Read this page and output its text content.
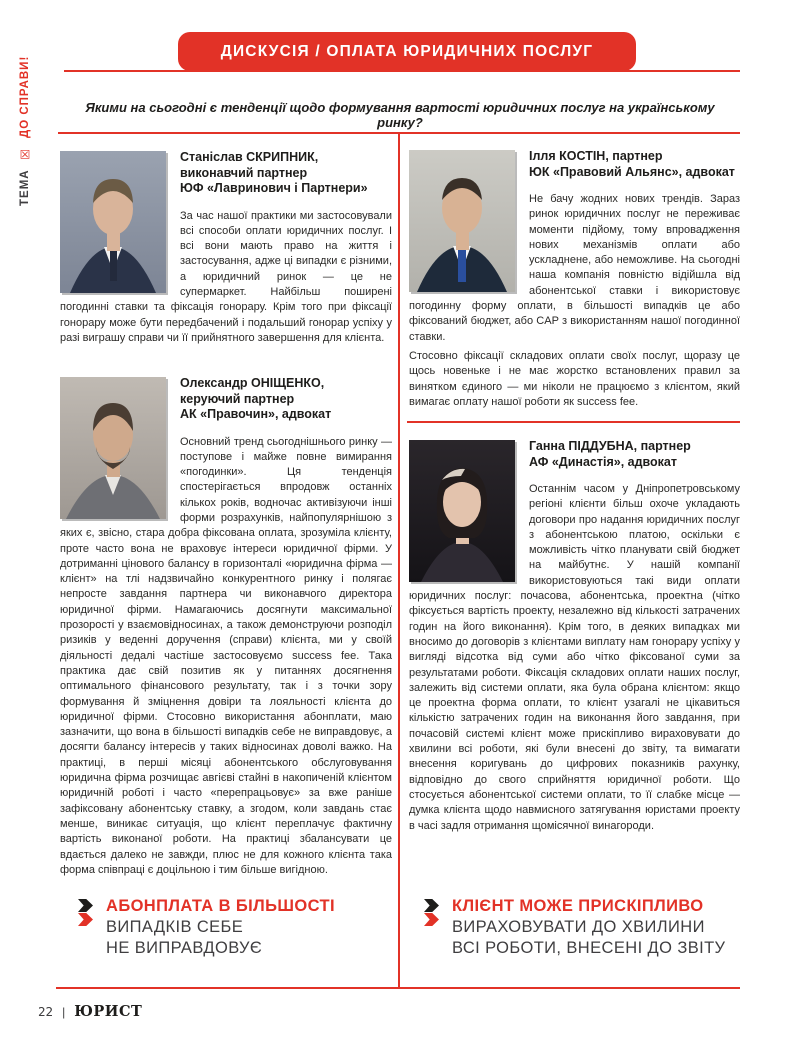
ТЕМА
☒
ДО СПРАВИ!
ДИСКУСІЯ / ОПЛАТА ЮРИДИЧНИХ ПОСЛУГ
Якими на сьогодні є тенденції щодо формування вартості юридичних послуг на українському ринку?
Станіслав СКРИПНИК,
виконавчий партнер
ЮФ «Лавринович і Партнери»

За час нашої практики ми застосовували всі способи оплати юридичних послуг. І всі вони мають право на життя і застосування, адже ці випадки є різними, а юридичний ринок — це не супермаркет. Найбільш поширені погодинні ставки та фіксація гонорару. Крім того при фіксації гонорару може бути передбачений і подальший гонорар успіху у разі виграшу справи чи її прийнятного завершення для клієнта.

Олександр ОНІЩЕНКО,
керуючий партнер
АК «Правочин», адвокат

Основний тренд сьогоднішнього ринку — поступове і майже повне вимирання «погодинки». Ця тенденція спостерігається впродовж останніх кількох років, водночас активізуючи інші форми розрахунків, найпопулярнішою з яких є, звісно, стара добра фіксована оплата, зрозуміла клієнту, проте часто вона не враховує інтереси юридичної фірми. У дотриманні цінового балансу в горизонталі «юридична фірма — клієнт» на тлі надзвичайно конкурентного ринку і полягає непросте завдання партнера чи виконавчого директора юридичної фірми. Намагаючись досягнути максимальної прозорості у взаємовідносинах, а також демонструючи розподіл ризиків у веденні доручення (справи) клієнта, ми у своїй діяльності дедалі частіше застосовуємо success fee. Така практика дає свій позитив як у питаннях досягнення оптимального фінансового результату, так і з точки зору формування й зміцнення довіри та лояльності клієнта до юридичної фірми. Стосовно використання абонплати, маю зазначити, що вона в більшості випадків себе не виправдовує, а досягти балансу інтересів у таких відносинах доволі важко. На практиці, в перші місяці абонентського обслуговування юридична фірма розчищає авгієві стайні в накопиченій клієнтом юридичній роботі і часто «перепрацьовує» за вже раніше зафіксовану абонентську ставку, а згодом, коли завдань стає менше, виникає ситуація, що клієнт переплачує фактичну вартість виконаної роботи. На практиці збалансувати це вдається далеко не завжди, плюс не для кожного клієнта така форма співпраці є доцільною і тим більше вигідною.

Ілля КОСТІН, партнер
ЮК «Правовий Альянс», адвокат

Не бачу жодних нових трендів. Зараз ринок юридичних послуг не переживає моменти підйому, тому впровадження нових механізмів оплати або ускладнене, або неможливе. На сьогодні наша компанія повністю відійшла від абонентської ставки і використовує погодинну форму оплати, в більшості випадків це або фіксований бюджет, або CAP з використанням нашої погодинної ставки.

Стосовно фіксації складових оплати своїх послуг, щоразу це щось новеньке і не має жорстко встановлених правил за винятком єдиного — ми ніколи не працюємо з клієнтом, який вимагає оплату нашої роботи як success fee.

Ганна ПІДДУБНА, партнер
АФ «Династія», адвокат

Останнім часом у Дніпропетровському регіоні клієнти більш охоче укладають договори про надання юридичних послуг з абонентською платою, оскільки є можливість чітко планувати свій бюджет на майбутнє. У нашій компанії використовуються такі види оплати юридичних послуг: почасова, абонентська, проектна (чітко фіксується вартість проекту, незалежно від кількості затрачених годин на його виконання). Крім того, в деяких випадках ми вносимо до договорів з клієнтами виплату нам гонорару успіху у вигляді відсотка від суми або чітко фіксованої суми за результатами роботи. Фіксація складових оплати наших послуг, залежить від системи оплати, яка була обрана клієнтом: якщо це проектна форма оплати, то клієнт узагалі не цікавиться кількістю затрачених годин на виконання його завдання, при почасовій системі клієнт може прискіпливо вираховувати до хвилини всі роботи, які були внесені до звіту, та вимагати внесення коригувань до цифрових показників рахунку, відповідно до свого сприйняття юридичної роботи. Що стосується абонентської системи оплати, то її слабке місце — думка клієнта щодо навмисного затягування юристами проекту в часі задля отримання щомісячної винагороди.

АБОНПЛАТА В БІЛЬШОСТІ
ВИПАДКІВ СЕБЕ
НЕ ВИПРАВДОВУЄ
КЛІЄНТ МОЖЕ ПРИСКІПЛИВО
ВИРАХОВУВАТИ ДО ХВИЛИНИ
ВСІ РОБОТИ, ВНЕСЕНІ ДО ЗВІТУ
22 | ЮРИСТ
